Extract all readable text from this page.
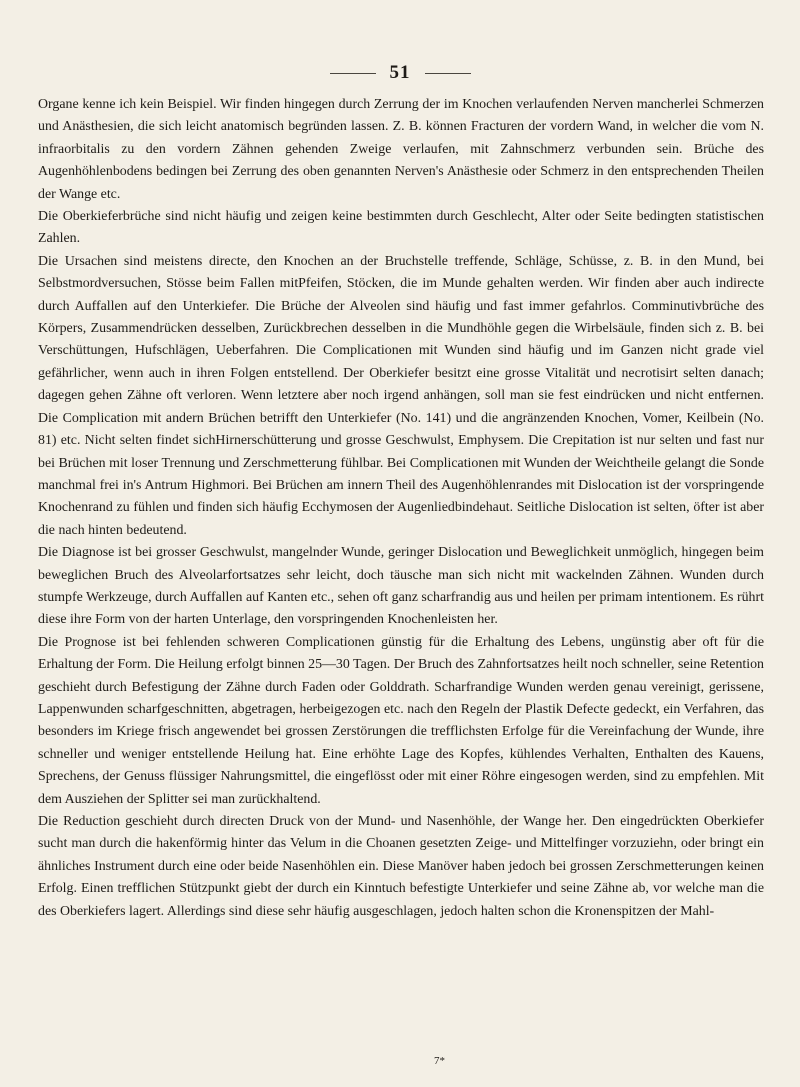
51

Organe kenne ich kein Beispiel. Wir finden hingegen durch Zerrung der im Knochen verlaufenden Nerven mancherlei Schmerzen und Anästhesien, die sich leicht anatomisch begründen lassen. Z. B. können Fracturen der vordern Wand, in welcher die vom N. infraorbitalis zu den vordern Zähnen gehenden Zweige verlaufen, mit Zahnschmerz verbunden sein. Brüche des Augenhöhlenbodens bedingen bei Zerrung des oben genannten Nerven's Anästhesie oder Schmerz in den entsprechenden Theilen der Wange etc.

Die Oberkieferbrüche sind nicht häufig und zeigen keine bestimmten durch Geschlecht, Alter oder Seite bedingten statistischen Zahlen.

Die Ursachen sind meistens directe, den Knochen an der Bruchstelle treffende, Schläge, Schüsse, z. B. in den Mund, bei Selbstmordversuchen, Stösse beim Fallen mitPfeifen, Stöcken, die im Munde gehalten werden. Wir finden aber auch indirecte durch Auffallen auf den Unterkiefer. Die Brüche der Alveolen sind häufig und fast immer gefahrlos. Comminutivbrüche des Körpers, Zusammendrücken desselben, Zurückbrechen desselben in die Mundhöhle gegen die Wirbelsäule, finden sich z. B. bei Verschüttungen, Hufschlägen, Ueberfahren. Die Complicationen mit Wunden sind häufig und im Ganzen nicht grade viel gefährlicher, wenn auch in ihren Folgen entstellend. Der Oberkiefer besitzt eine grosse Vitalität und necrotisirt selten danach; dagegen gehen Zähne oft verloren. Wenn letztere aber noch irgend anhängen, soll man sie fest eindrücken und nicht entfernen. Die Complication mit andern Brüchen betrifft den Unterkiefer (No. 141) und die angränzenden Knochen, Vomer, Keilbein (No. 81) etc. Nicht selten findet sichHirnerschütterung und grosse Geschwulst, Emphysem. Die Crepitation ist nur selten und fast nur bei Brüchen mit loser Trennung und Zerschmetterung fühlbar. Bei Complicationen mit Wunden der Weichtheile gelangt die Sonde manchmal frei in's Antrum Highmori. Bei Brüchen am innern Theil des Augenhöhlenrandes mit Dislocation ist der vorspringende Knochenrand zu fühlen und finden sich häufig Ecchymosen der Augenliedbindehaut. Seitliche Dislocation ist selten, öfter ist aber die nach hinten bedeutend.

Die Diagnose ist bei grosser Geschwulst, mangelnder Wunde, geringer Dislocation und Beweglichkeit unmöglich, hingegen beim beweglichen Bruch des Alveolarfortsatzes sehr leicht, doch täusche man sich nicht mit wackelnden Zähnen. Wunden durch stumpfe Werkzeuge, durch Auffallen auf Kanten etc., sehen oft ganz scharfrandig aus und heilen per primam intentionem. Es rührt diese ihre Form von der harten Unterlage, den vorspringenden Knochenleisten her.

Die Prognose ist bei fehlenden schweren Complicationen günstig für die Erhaltung des Lebens, ungünstig aber oft für die Erhaltung der Form. Die Heilung erfolgt binnen 25—30 Tagen. Der Bruch des Zahnfortsatzes heilt noch schneller, seine Retention geschieht durch Befestigung der Zähne durch Faden oder Golddrath. Scharfrandige Wunden werden genau vereinigt, gerissene, Lappenwunden scharfgeschnitten, abgetragen, herbeigezogen etc. nach den Regeln der Plastik Defecte gedeckt, ein Verfahren, das besonders im Kriege frisch angewendet bei grossen Zerstörungen die trefflichsten Erfolge für die Vereinfachung der Wunde, ihre schneller und weniger entstellende Heilung hat. Eine erhöhte Lage des Kopfes, kühlendes Verhalten, Enthalten des Kauens, Sprechens, der Genuss flüssiger Nahrungsmittel, die eingeflösst oder mit einer Röhre eingesogen werden, sind zu empfehlen. Mit dem Ausziehen der Splitter sei man zurückhaltend.

Die Reduction geschieht durch directen Druck von der Mund- und Nasenhöhle, der Wange her. Den eingedrückten Oberkiefer sucht man durch die hakenförmig hinter das Velum in die Choanen gesetzten Zeige- und Mittelfinger vorzuziehn, oder bringt ein ähnliches Instrument durch eine oder beide Nasenhöhlen ein. Diese Manöver haben jedoch bei grossen Zerschmetterungen keinen Erfolg. Einen trefflichen Stützpunkt giebt der durch ein Kinntuch befestigte Unterkiefer und seine Zähne ab, vor welche man die des Oberkiefers lagert. Allerdings sind diese sehr häufig ausgeschlagen, jedoch halten schon die Kronenspitzen der Mahl-

7*
